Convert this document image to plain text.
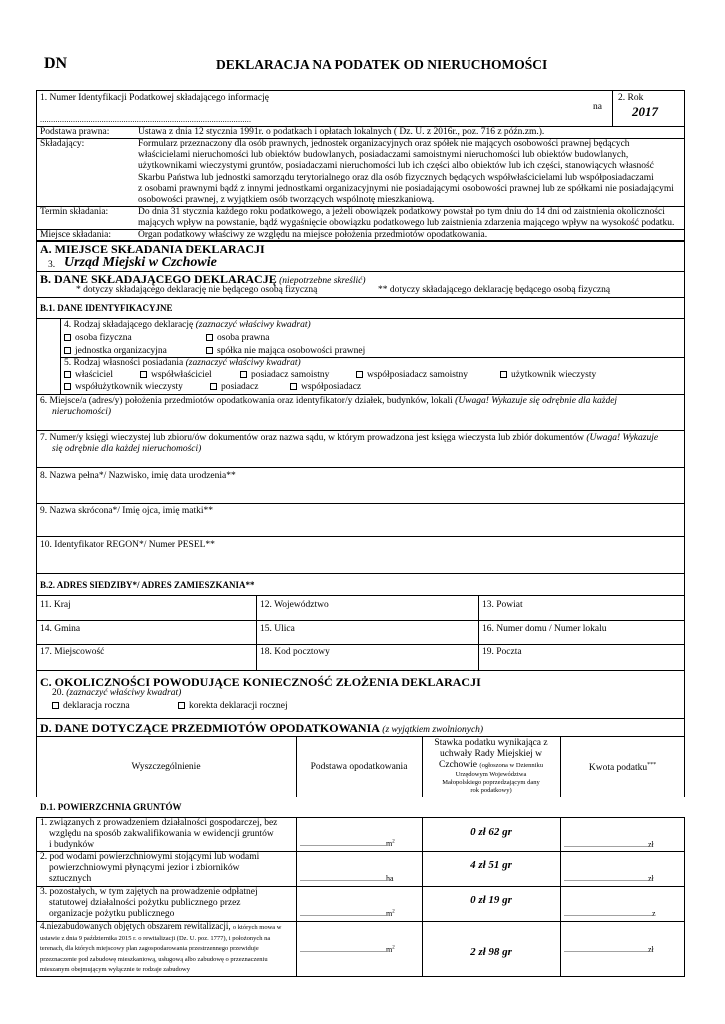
DN	DEKLARACJA NA PODATEK OD NIERUCHOMOŚCI
1. Numer Identyfikacji Podatkowej składającego informację
................................................................................................
na
2. Rok
2017
Podstawa prawna:	Ustawa z dnia 12 stycznia 1991r. o podatkach i opłatach lokalnych ( Dz. U. z 2016r., poz. 716 z późn.zm.).
Składający:	Formularz przeznaczony dla osób prawnych, jednostek organizacyjnych oraz spółek nie mających osobowości prawnej będących
właścicielami nieruchomości lub obiektów budowlanych, posiadaczami samoistnymi nieruchomości lub obiektów budowlanych,
użytkownikami wieczystymi gruntów, posiadaczami nieruchomości lub ich części albo obiektów lub ich części, stanowiących własność
Skarbu Państwa lub jednostki samorządu terytorialnego oraz dla osób fizycznych będących współwłaścicielami lub współposiadaczami
z osobami prawnymi bądź z innymi jednostkami organizacyjnymi nie posiadającymi osobowości prawnej lub ze spółkami nie posiadającymi
osobowości prawnej, z wyjątkiem osób tworzących wspólnotę mieszkaniową.
Termin składania:	Do dnia 31 stycznia każdego roku podatkowego, a jeżeli obowiązek podatkowy powstał po tym dniu do 14 dni od zaistnienia okoliczności
mających wpływ na powstanie, bądź wygaśnięcie obowiązku podatkowego lub zaistnienia zdarzenia mającego wpływ na wysokość podatku.
Miejsce składania:	Organ podatkowy właściwy ze względu na miejsce położenia przedmiotów opodatkowania.
A. MIEJSCE SKŁADANIA DEKLARACJI
3. Urząd Miejski w Czchowie
B. DANE SKŁADAJĄCEGO DEKLARACJĘ (niepotrzebne skreślić)
* dotyczy składającego deklarację nie będącego osobą fizyczną	** dotyczy składającego deklarację będącego osobą fizyczną
B.1. DANE IDENTYFIKACYJNE
4. Rodzaj składającego deklarację (zaznaczyć właściwy kwadrat)
osoba fizyczna	osoba prawna
jednostka organizacyjna	spółka nie mająca osobowości prawnej
5. Rodzaj własności posiadania (zaznaczyć właściwy kwadrat)
właściciel	współwłaściciel	posiadacz samoistny	współposiadacz samoistny	użytkownik wieczysty
współużytkownik wieczysty	posiadacz	współposiadacz
6. Miejsce/a (adres/y) położenia przedmiotów opodatkowania oraz identyfikator/y działek, budynków, lokali (Uwaga! Wykazuje się odrębnie dla każdej
nieruchomości)
7. Numer/y księgi wieczystej lub zbioru/ów dokumentów oraz nazwa sądu, w którym prowadzona jest księga wieczysta lub zbiór dokumentów (Uwaga! Wykazuje
się odrębnie dla każdej nieruchomości)
8. Nazwa pełna*/ Nazwisko, imię data urodzenia**
9. Nazwa skrócona*/ Imię ojca, imię matki**
10. Identyfikator REGON*/ Numer PESEL**
B.2. ADRES SIEDZIBY*/ ADRES ZAMIESZKANIA**
11. Kraj	12. Województwo	13. Powiat
14. Gmina	15. Ulica	16. Numer domu / Numer lokalu
17. Miejscowość	18. Kod pocztowy	19. Poczta
C. OKOLICZNOŚCI POWODUJĄCE KONIECZNOŚĆ ZŁOŻENIA DEKLARACJI
20. (zaznaczyć właściwy kwadrat)
deklaracja roczna	korekta deklaracji rocznej
D. DANE DOTYCZĄCE PRZEDMIOTÓW OPODATKOWANIA (z wyjątkiem zwolnionych)
Wyszczególnienie	Podstawa opodatkowania
Stawka podatku wynikająca z
uchwały Rady Miejskiej w
Czchowie (ogłoszona w Dzienniku
Urzędowym Województwa
Małopolskiego poprzedzającym dany
rok podatkowy)
Kwota podatku***
D.1. POWIERZCHNIA GRUNTÓW
1. związanych z prowadzeniem działalności gospodarczej, bez
względu na sposób zakwalifikowania w ewidencji gruntów
i budynków	$...........................................m^2$
0 zł 62 gr
..........................................zł
2. pod wodami powierzchniowymi stojącymi lub wodami
powierzchniowymi płynącymi jezior i zbiorników
sztucznych	...........................................ha
4 zł 51 gr
..........................................zł
3. pozostałych, w tym zajętych na prowadzenie odpłatnej
statutowej działalności pożytku publicznego przez
organizacje pożytku publicznego	$...........................................m^2$
0 zł 19 gr
............................................z
4.niezabudowanych objętych obszarem rewitalizacji, o których mowa w ustawie z dnia 9 października 2015 r. o rewitalizacji (Dz. U. poz. 1777), i położonych na terenach, dla których miejscowy plan zagospodarowania przestrzennego przewiduje przeznaczenie pod zabudowę mieszkaniową, usługową albo zabudowę o przeznaczeniu mieszanym obejmującym wyłącznie te rodzaje zabudowy
$...........................................m^2$	2 zł 98 gr	..........................................zł
